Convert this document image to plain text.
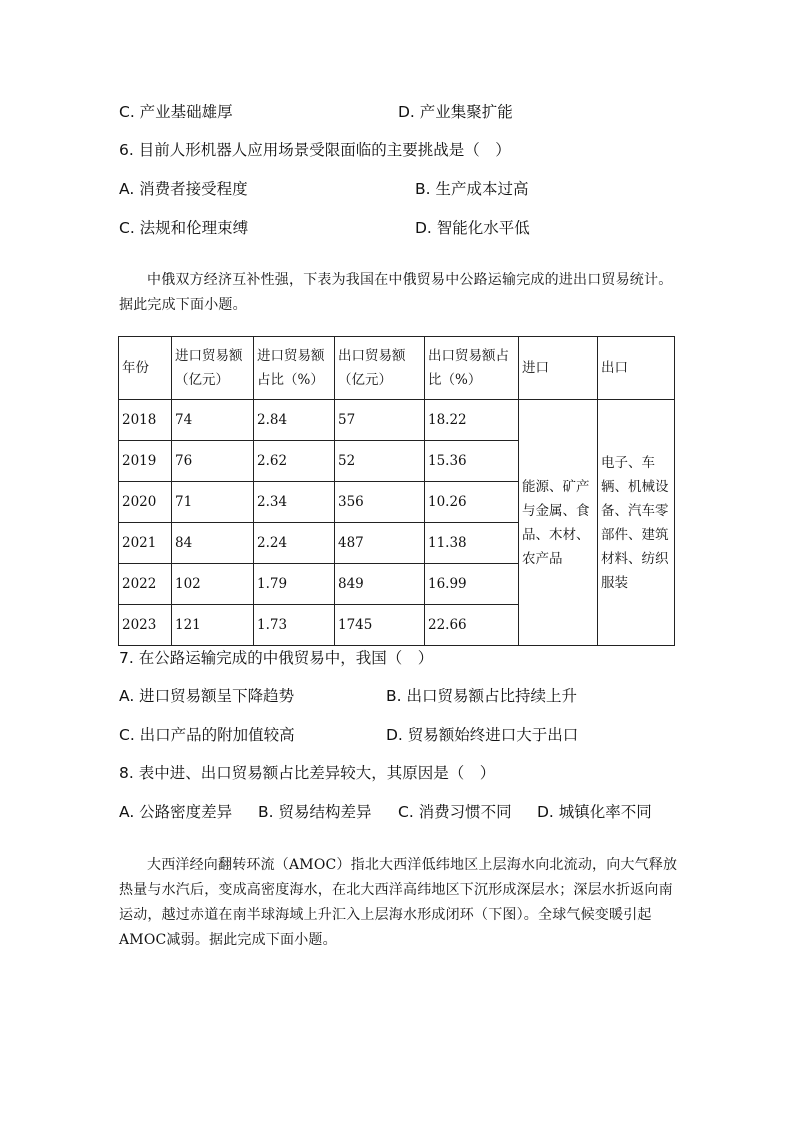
C. 产业基础雄厚	D. 产业集聚扩能
6. 目前人形机器人应用场景受限面临的主要挑战是（　）
A. 消费者接受程度	B. 生产成本过高
C. 法规和伦理束缚	D. 智能化水平低
中俄双方经济互补性强，下表为我国在中俄贸易中公路运输完成的进出口贸易统计。据此完成下面小题。
年份	进口贸易额（亿元）	进口贸易额占比（%）	出口贸易额（亿元）	出口贸易额占比（%）	进口	出口
2018	74	2.84	57	18.22	能源、矿产与金属、食品、木材、农产品	电子、车辆、机械设备、汽车零部件、建筑材料、纺织服装
2019	76	2.62	52	15.36		
2020	71	2.34	356	10.26		
2021	84	2.24	487	11.38		
2022	102	1.79	849	16.99		
2023	121	1.73	1745	22.66		
7. 在公路运输完成的中俄贸易中，我国（　）
A. 进口贸易额呈下降趋势	B. 出口贸易额占比持续上升
C. 出口产品的附加值较高	D. 贸易额始终进口大于出口
8. 表中进、出口贸易额占比差异较大，其原因是（　）
A. 公路密度差异 B. 贸易结构差异 C. 消费习惯不同 D. 城镇化率不同
大西洋经向翻转环流（AMOC）指北大西洋低纬地区上层海水向北流动，向大气释放热量与水汽后，变成高密度海水，在北大西洋高纬地区下沉形成深层水；深层水折返向南运动，越过赤道在南半球海域上升汇入上层海水形成闭环（下图）。全球气候变暖引起AMOC减弱。据此完成下面小题。
